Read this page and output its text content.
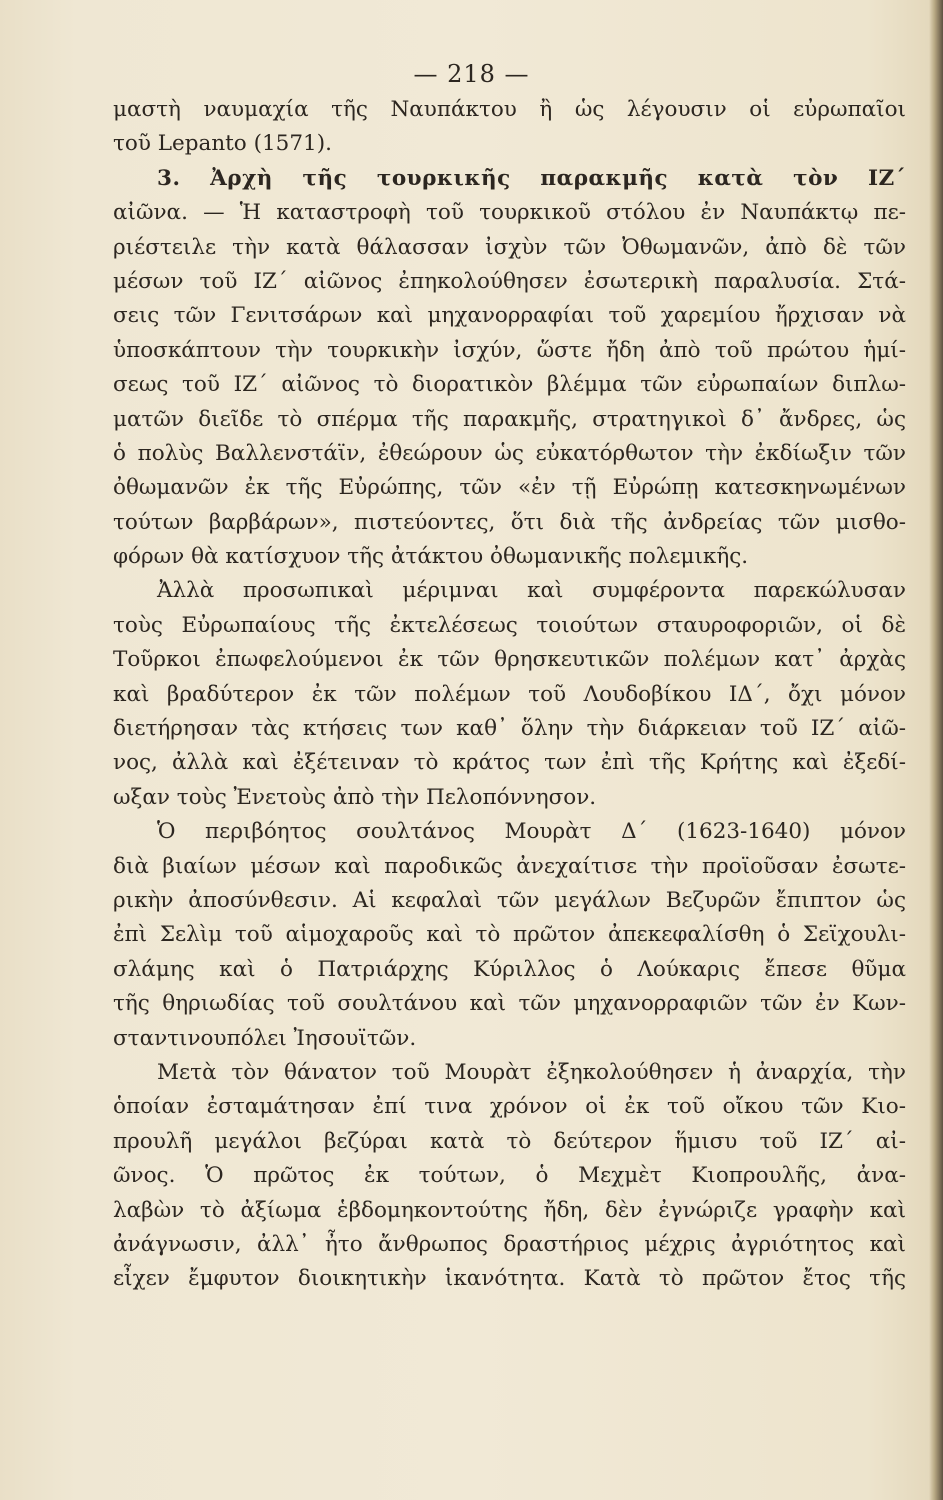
— 218 —
μαστὴ ναυμαχία τῆς Ναυπάκτου ἢ ὡς λέγουσιν οἱ εὐρωπαῖοι
τοῦ Lepanto (1571).
3. Ἀρχὴ τῆς τουρκικῆς παρακμῆς κατὰ τὸν ΙΖ´
αἰῶνα. — Ἡ καταστροφὴ τοῦ τουρκικοῦ στόλου ἐν Ναυπάκτῳ πε-
ριέστειλε τὴν κατὰ θάλασσαν ἰσχὺν τῶν Ὀθωμανῶν, ἀπὸ δὲ τῶν
μέσων τοῦ ΙΖ´ αἰῶνος ἐπηκολούθησεν ἐσωτερικὴ παραλυσία. Στά-
σεις τῶν Γενιτσάρων καὶ μηχανορραφίαι τοῦ χαρεμίου ἤρχισαν νὰ
ὑποσκάπτουν τὴν τουρκικὴν ἰσχύν, ὥστε ἤδη ἀπὸ τοῦ πρώτου ἡμί-
σεως τοῦ ΙΖ´ αἰῶνος τὸ διορατικὸν βλέμμα τῶν εὐρωπαίων διπλω-
ματῶν διεῖδε τὸ σπέρμα τῆς παρακμῆς, στρατηγικοὶ δ᾽ ἄνδρες, ὡς
ὁ πολὺς Βαλλενστάϊν, ἐθεώρουν ὡς εὐκατόρθωτον τὴν ἐκδίωξιν τῶν
ὀθωμανῶν ἐκ τῆς Εὐρώπης, τῶν «ἐν τῇ Εὐρώπῃ κατεσκηνωμένων
τούτων βαρβάρων», πιστεύοντες, ὅτι διὰ τῆς ἀνδρείας τῶν μισθο-
φόρων θὰ κατίσχυον τῆς ἀτάκτου ὀθωμανικῆς πολεμικῆς.
Ἀλλὰ προσωπικαὶ μέριμναι καὶ συμφέροντα παρεκώλυσαν
τοὺς Εὐρωπαίους τῆς ἐκτελέσεως τοιούτων σταυροφοριῶν, οἱ δὲ
Τοῦρκοι ἐπωφελούμενοι ἐκ τῶν θρησκευτικῶν πολέμων κατ᾽ ἀρχὰς
καὶ βραδύτερον ἐκ τῶν πολέμων τοῦ Λουδοβίκου ΙΔ´, ὄχι μόνον
διετήρησαν τὰς κτήσεις των καθ᾽ ὅλην τὴν διάρκειαν τοῦ ΙΖ´ αἰῶ-
νος, ἀλλὰ καὶ ἐξέτειναν τὸ κράτος των ἐπὶ τῆς Κρήτης καὶ ἐξεδί-
ωξαν τοὺς Ἐνετοὺς ἀπὸ τὴν Πελοπόννησον.
Ὁ περιβόητος σουλτάνος Μουρὰτ Δ´ (1623-1640) μόνον
διὰ βιαίων μέσων καὶ παροδικῶς ἀνεχαίτισε τὴν προϊοῦσαν ἐσωτε-
ρικὴν ἀποσύνθεσιν. Αἱ κεφαλαὶ τῶν μεγάλων Βεζυρῶν ἔπιπτον ὡς
ἐπὶ Σελὶμ τοῦ αἱμοχαροῦς καὶ τὸ πρῶτον ἀπεκεφαλίσθη ὁ Σεϊχουλι-
σλάμης καὶ ὁ Πατριάρχης Κύριλλος ὁ Λούκαρις ἔπεσε θῦμα
τῆς θηριωδίας τοῦ σουλτάνου καὶ τῶν μηχανορραφιῶν τῶν ἐν Κων-
σταντινουπόλει Ἰησουϊτῶν.
Μετὰ τὸν θάνατον τοῦ Μουρὰτ ἐξηκολούθησεν ἡ ἀναρχία, τὴν
ὁποίαν ἐσταμάτησαν ἐπί τινα χρόνον οἱ ἐκ τοῦ οἴκου τῶν Κιο-
προυλῆ μεγάλοι βεζύραι κατὰ τὸ δεύτερον ἥμισυ τοῦ ΙΖ´ αἰ-
ῶνος. Ὁ πρῶτος ἐκ τούτων, ὁ Μεχμὲτ Κιοπρουλῆς, ἀνα-
λαβὼν τὸ ἀξίωμα ἑβδομηκοντούτης ἤδη, δὲν ἐγνώριζε γραφὴν καὶ
ἀνάγνωσιν, ἀλλ᾽ ἦτο ἄνθρωπος δραστήριος μέχρις ἀγριότητος καὶ
εἶχεν ἔμφυτον διοικητικὴν ἱκανότητα. Κατὰ τὸ πρῶτον ἔτος τῆς
